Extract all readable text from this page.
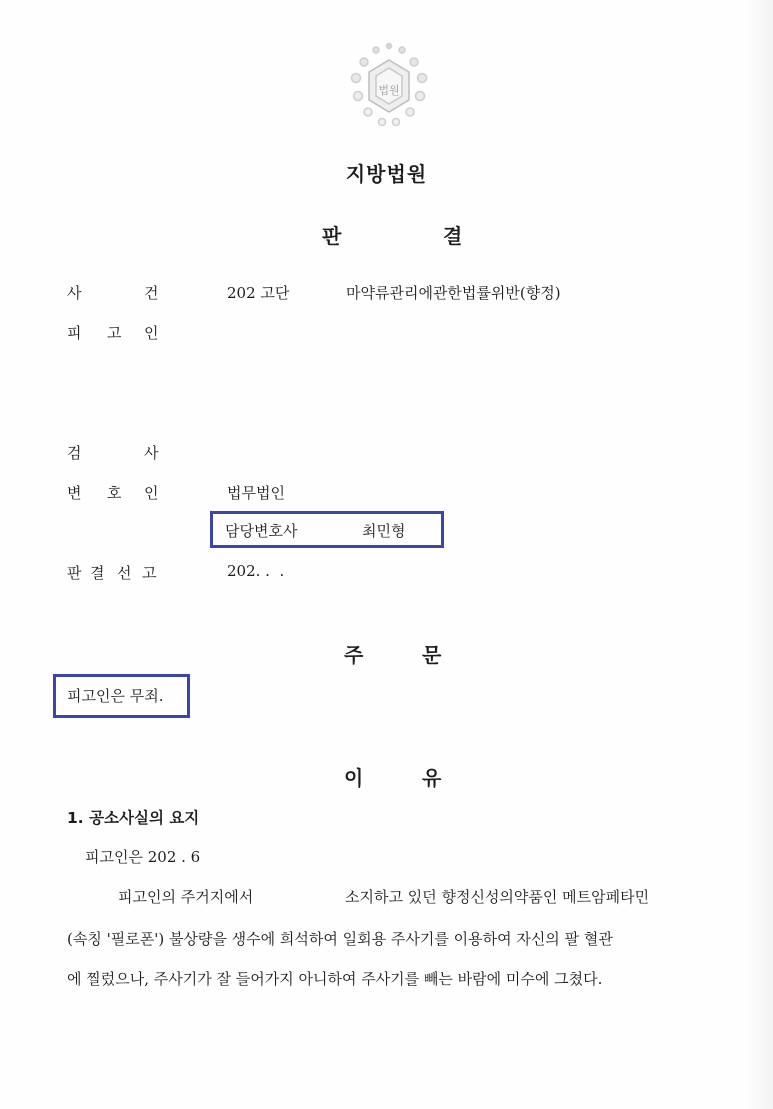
법원
지방법원
판	결
사	건	202 고단	마약류관리에관한법률위반(향정)
피 고 인
검	사
변 호 인	법무법인
담당변호사	최민형
판 결 선 고	202. .  .
주	문
피고인은 무죄.
이	유
1. 공소사실의 요지
피고인은 202 . 6
피고인의 주거지에서	소지하고 있던 향정신성의약품인 메트암페타민
(속칭 '필로폰') 불상량을 생수에 희석하여 일회용 주사기를 이용하여 자신의 팔 혈관
에 찔렀으나, 주사기가 잘 들어가지 아니하여 주사기를 빼는 바람에 미수에 그쳤다.
